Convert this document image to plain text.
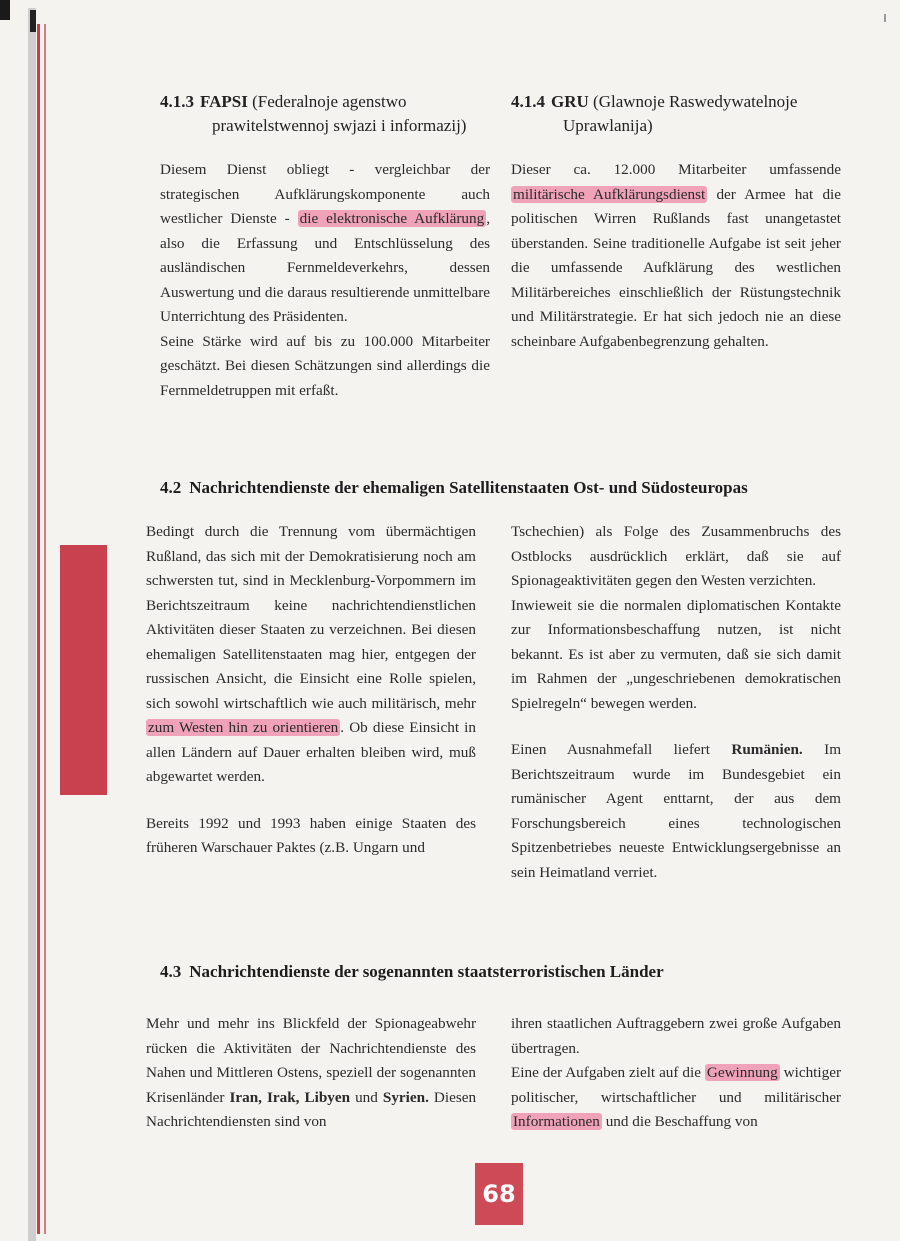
4.1.3 FAPSI (Federalnoje agenstwo
prawitelstwennoj swjazi i informazij)
4.1.4 GRU (Glawnoje Raswedywatelnoje
Uprawlanija)

Diesem Dienst obliegt - vergleichbar der strategischen Aufklärungskomponente auch westlicher Dienste - die elektronische Aufklärung , also die Erfassung und Entschlüsselung des ausländischen Fernmeldeverkehrs, dessen Auswertung und die daraus resultierende unmittelbare Unterrichtung des Präsidenten.

Seine Stärke wird auf bis zu 100.000 Mitarbeiter geschätzt. Bei diesen Schätzungen sind allerdings die Fernmeldetruppen mit erfaßt.

Dieser ca. 12.000 Mitarbeiter umfassende militärische Aufklärungsdienst der Armee hat die politischen Wirren Rußlands fast unangetastet überstanden. Seine traditionelle Aufgabe ist seit jeher die umfassende Aufklärung des westlichen Militärbereiches einschließlich der Rüstungstechnik und Militärstrategie. Er hat sich jedoch nie an diese scheinbare Aufgabenbegrenzung gehalten.

4.2 Nachrichtendienste der ehemaligen Satellitenstaaten Ost- und Südosteuropas

Bedingt durch die Trennung vom übermächtigen Rußland, das sich mit der Demokratisierung noch am schwersten tut, sind in Mecklenburg-Vorpommern im Berichtszeitraum keine nachrichtendienstlichen Aktivitäten dieser Staaten zu verzeichnen. Bei diesen ehemaligen Satellitenstaaten mag hier, entgegen der russischen Ansicht, die Einsicht eine Rolle spielen, sich sowohl wirtschaftlich wie auch militärisch, mehr zum Westen hin zu orientieren . Ob diese Einsicht in allen Ländern auf Dauer erhalten bleiben wird, muß abgewartet werden.

Bereits 1992 und 1993 haben einige Staaten des früheren Warschauer Paktes (z.B. Ungarn und

Tschechien) als Folge des Zusammenbruchs des Ostblocks ausdrücklich erklärt, daß sie auf Spionageaktivitäten gegen den Westen verzichten.

Inwieweit sie die normalen diplomatischen Kontakte zur Informationsbeschaffung nutzen, ist nicht bekannt. Es ist aber zu vermuten, daß sie sich damit im Rahmen der „ungeschriebenen demokratischen Spielregeln“ bewegen werden.

Einen Ausnahmefall liefert Rumänien. Im Berichtszeitraum wurde im Bundesgebiet ein rumänischer Agent enttarnt, der aus dem Forschungsbereich eines technologischen Spitzenbetriebes neueste Entwicklungsergebnisse an sein Heimatland verriet.

4.3 Nachrichtendienste der sogenannten staatsterroristischen Länder

Mehr und mehr ins Blickfeld der Spionageabwehr rücken die Aktivitäten der Nachrichtendienste des Nahen und Mittleren Ostens, speziell der sogenannten Krisenländer Iran, Irak, Libyen und Syrien. Diesen Nachrichtendiensten sind von

ihren staatlichen Auftraggebern zwei große Aufgaben übertragen.

Eine der Aufgaben zielt auf die Gewinnung wichtiger politischer, wirtschaftlicher und militärischer Informationen und die Beschaffung von

68
